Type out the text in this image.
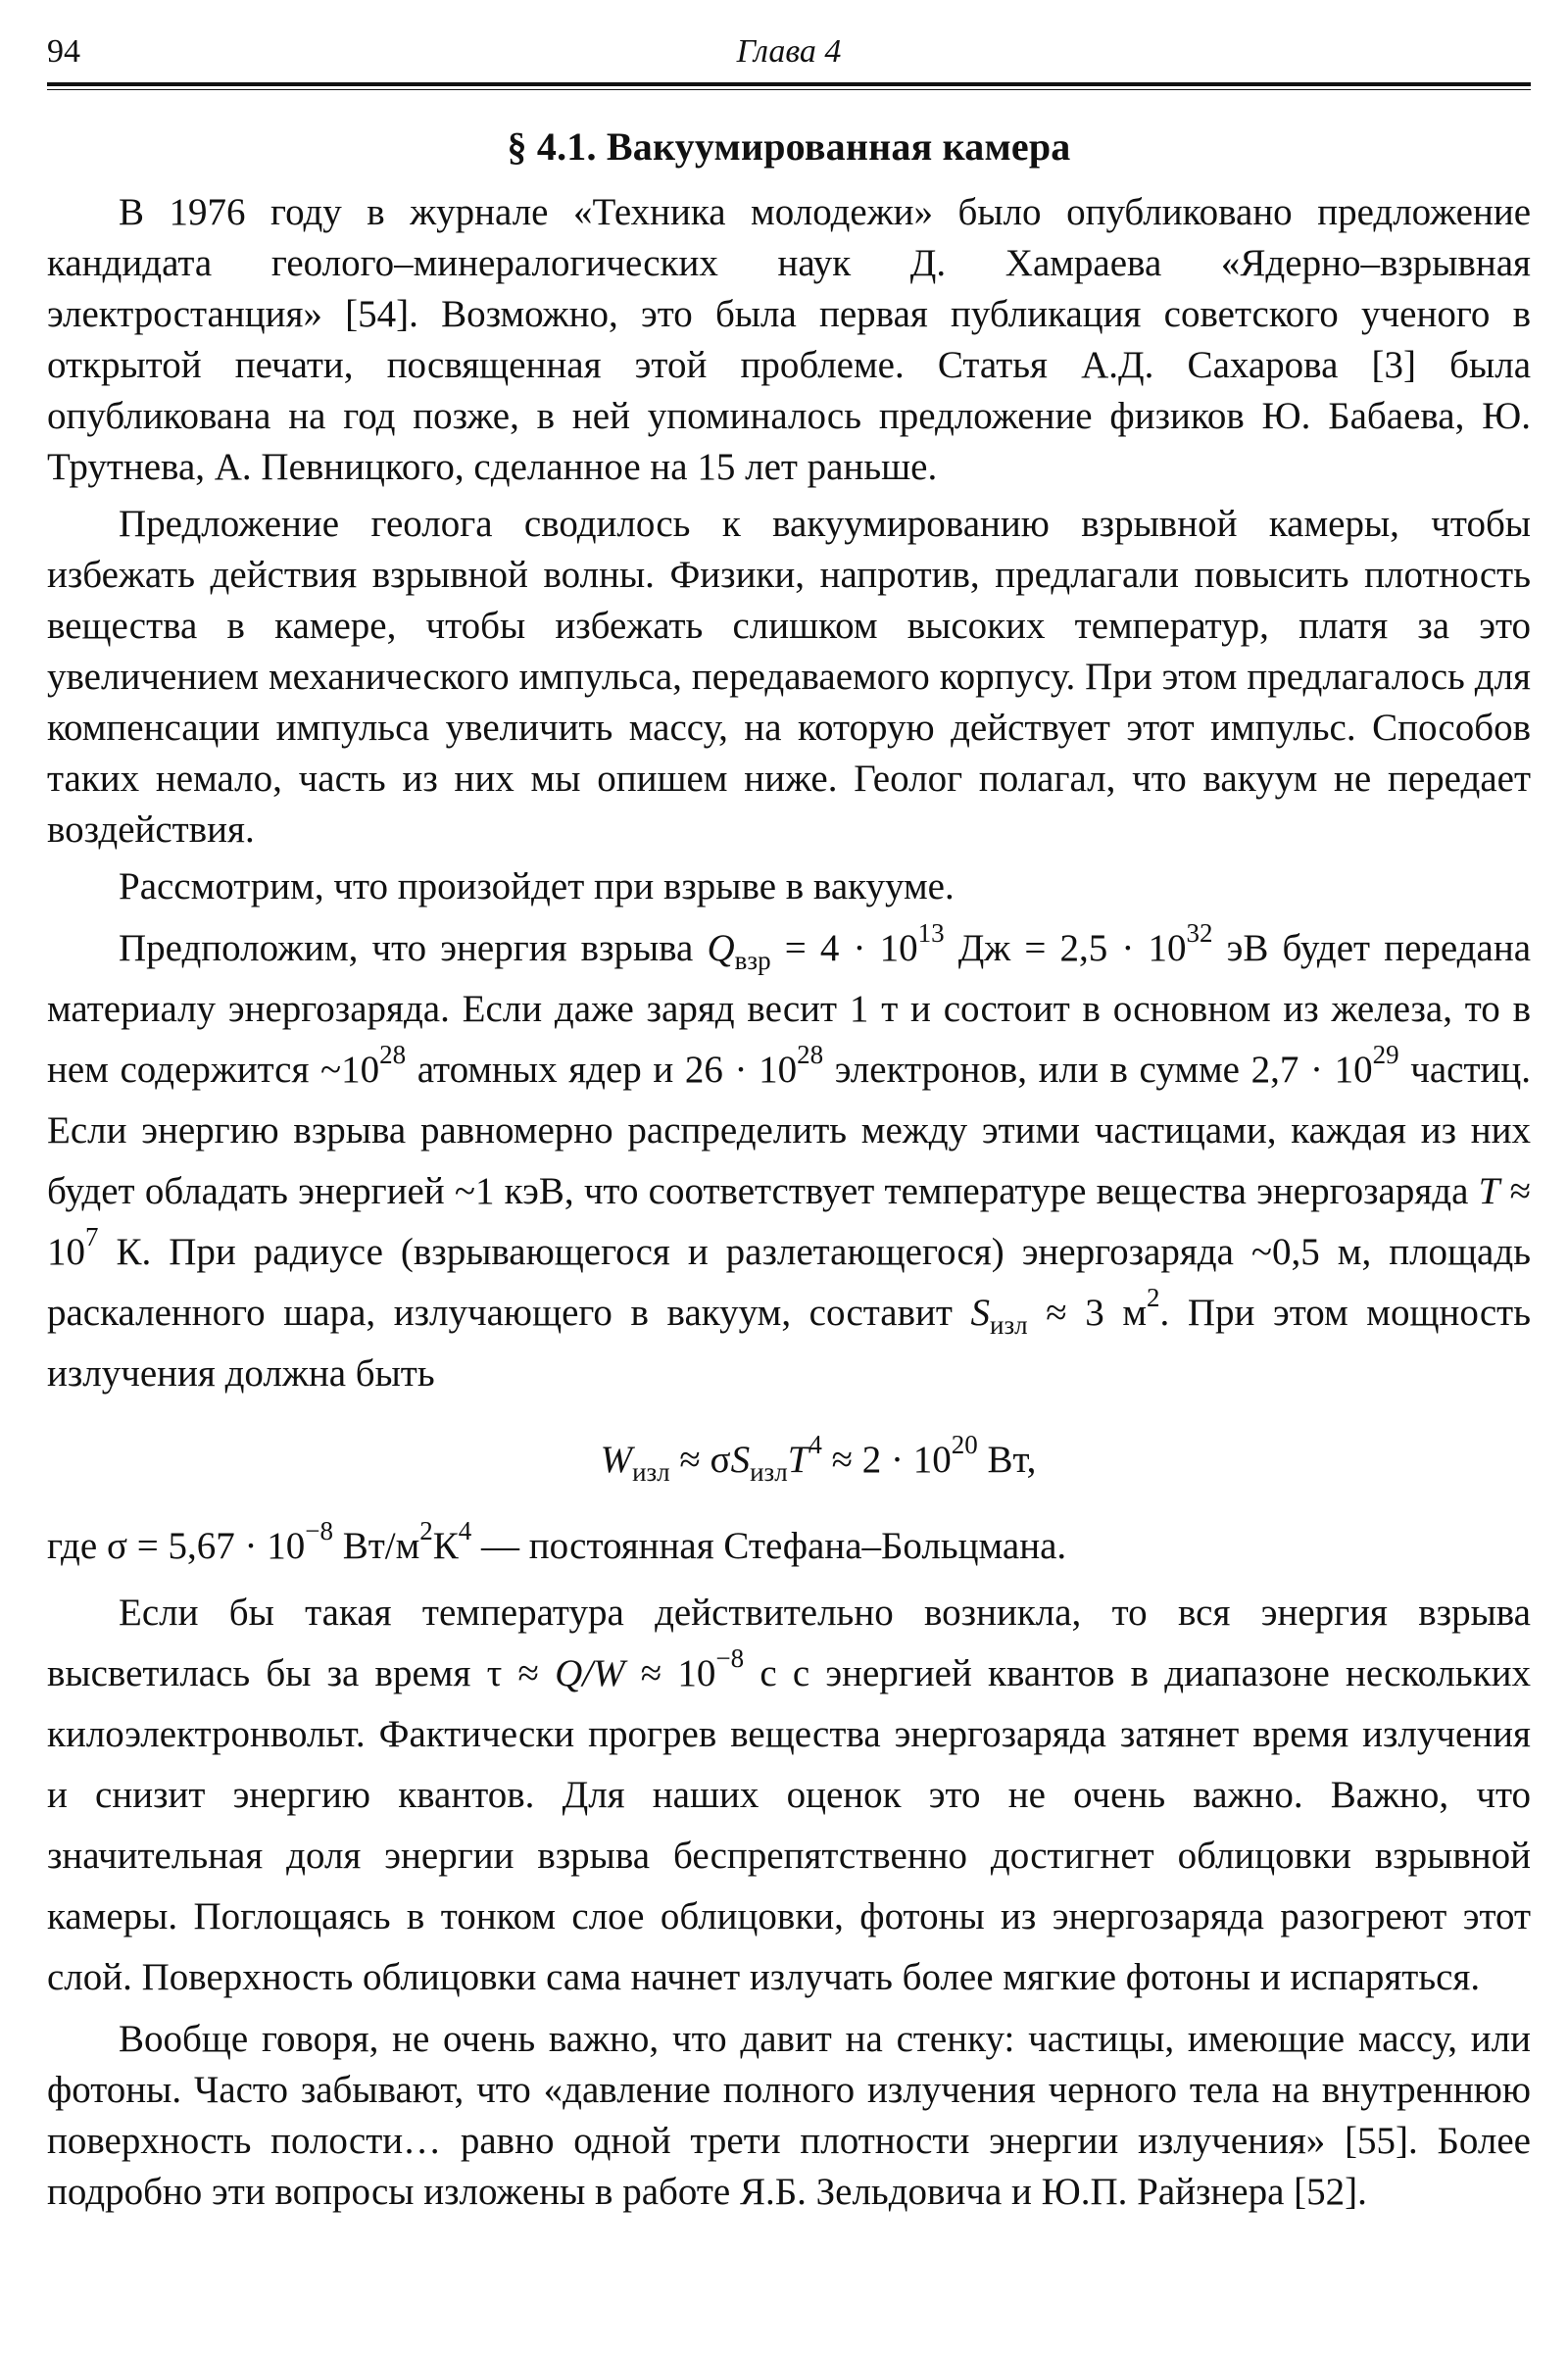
94	Глава 4
§ 4.1. Вакуумированная камера

В 1976 году в журнале «Техника молодежи» было опубликовано предложение кандидата геолого–минералогических наук Д. Хамраева «Ядерно–взрывная электростанция» [54]. Возможно, это была первая публикация советского ученого в открытой печати, посвященная этой проблеме. Статья А.Д. Сахарова [3] была опубликована на год позже, в ней упоминалось предложение физиков Ю. Бабаева, Ю. Трутнева, А. Певницкого, сделанное на 15 лет раньше.

Предложение геолога сводилось к вакуумированию взрывной камеры, чтобы избежать действия взрывной волны. Физики, напротив, предлагали повысить плотность вещества в камере, чтобы избежать слишком высоких температур, платя за это увеличением механического импульса, передаваемого корпусу. При этом предлагалось для компенсации импульса увеличить массу, на которую действует этот импульс. Способов таких немало, часть из них мы опишем ниже. Геолог полагал, что вакуум не передает воздействия.

Рассмотрим, что произойдет при взрыве в вакууме.

Предположим, что энергия взрыва $Q_{взр} = 4 \cdot 10^{13}$ Дж = $2,5 \cdot 10^{32}$ эВ будет передана материалу энергозаряда. Если даже заряд весит 1 т и состоит в основном из железа, то в нем содержится $\sim 10^{28}$ атомных ядер и $26 \cdot 10^{28}$ электронов, или в сумме $2,7 \cdot 10^{29}$ частиц. Если энергию взрыва равномерно распределить между этими частицами, каждая из них будет обладать энергией ~1 кэВ, что соответствует температуре вещества энергозаряда $T \approx 10^7$ К. При радиусе (взрывающегося и разлетающегося) энергозаряда ~0,5 м, площадь раскаленного шара, излучающего в вакуум, составит $S_{изл} \approx 3$ $м^2$. При этом мощность излучения должна быть

$W_{изл} \approx \sigma S_{изл}T^4 \approx 2 \cdot 10^{20}$ Вт,

где $\sigma = 5,67 \cdot 10^{-8}$ $Вт/м^2К^4$ — постоянная Стефана–Больцмана.

Если бы такая температура действительно возникла, то вся энергия взрыва высветилась бы за время $\tau \approx Q/W \approx 10^{-8}$ с с энергией квантов в диапазоне нескольких килоэлектронвольт. Фактически прогрев вещества энергозаряда затянет время излучения и снизит энергию квантов. Для наших оценок это не очень важно. Важно, что значительная доля энергии взрыва беспрепятственно достигнет облицовки взрывной камеры. Поглощаясь в тонком слое облицовки, фотоны из энергозаряда разогреют этот слой. Поверхность облицовки сама начнет излучать более мягкие фотоны и испаряться.

Вообще говоря, не очень важно, что давит на стенку: частицы, имеющие массу, или фотоны. Часто забывают, что «давление полного излучения черного тела на внутреннюю поверхность полости… равно одной трети плотности энергии излучения» [55]. Более подробно эти вопросы изложены в работе Я.Б. Зельдовича и Ю.П. Райзнера [52].
